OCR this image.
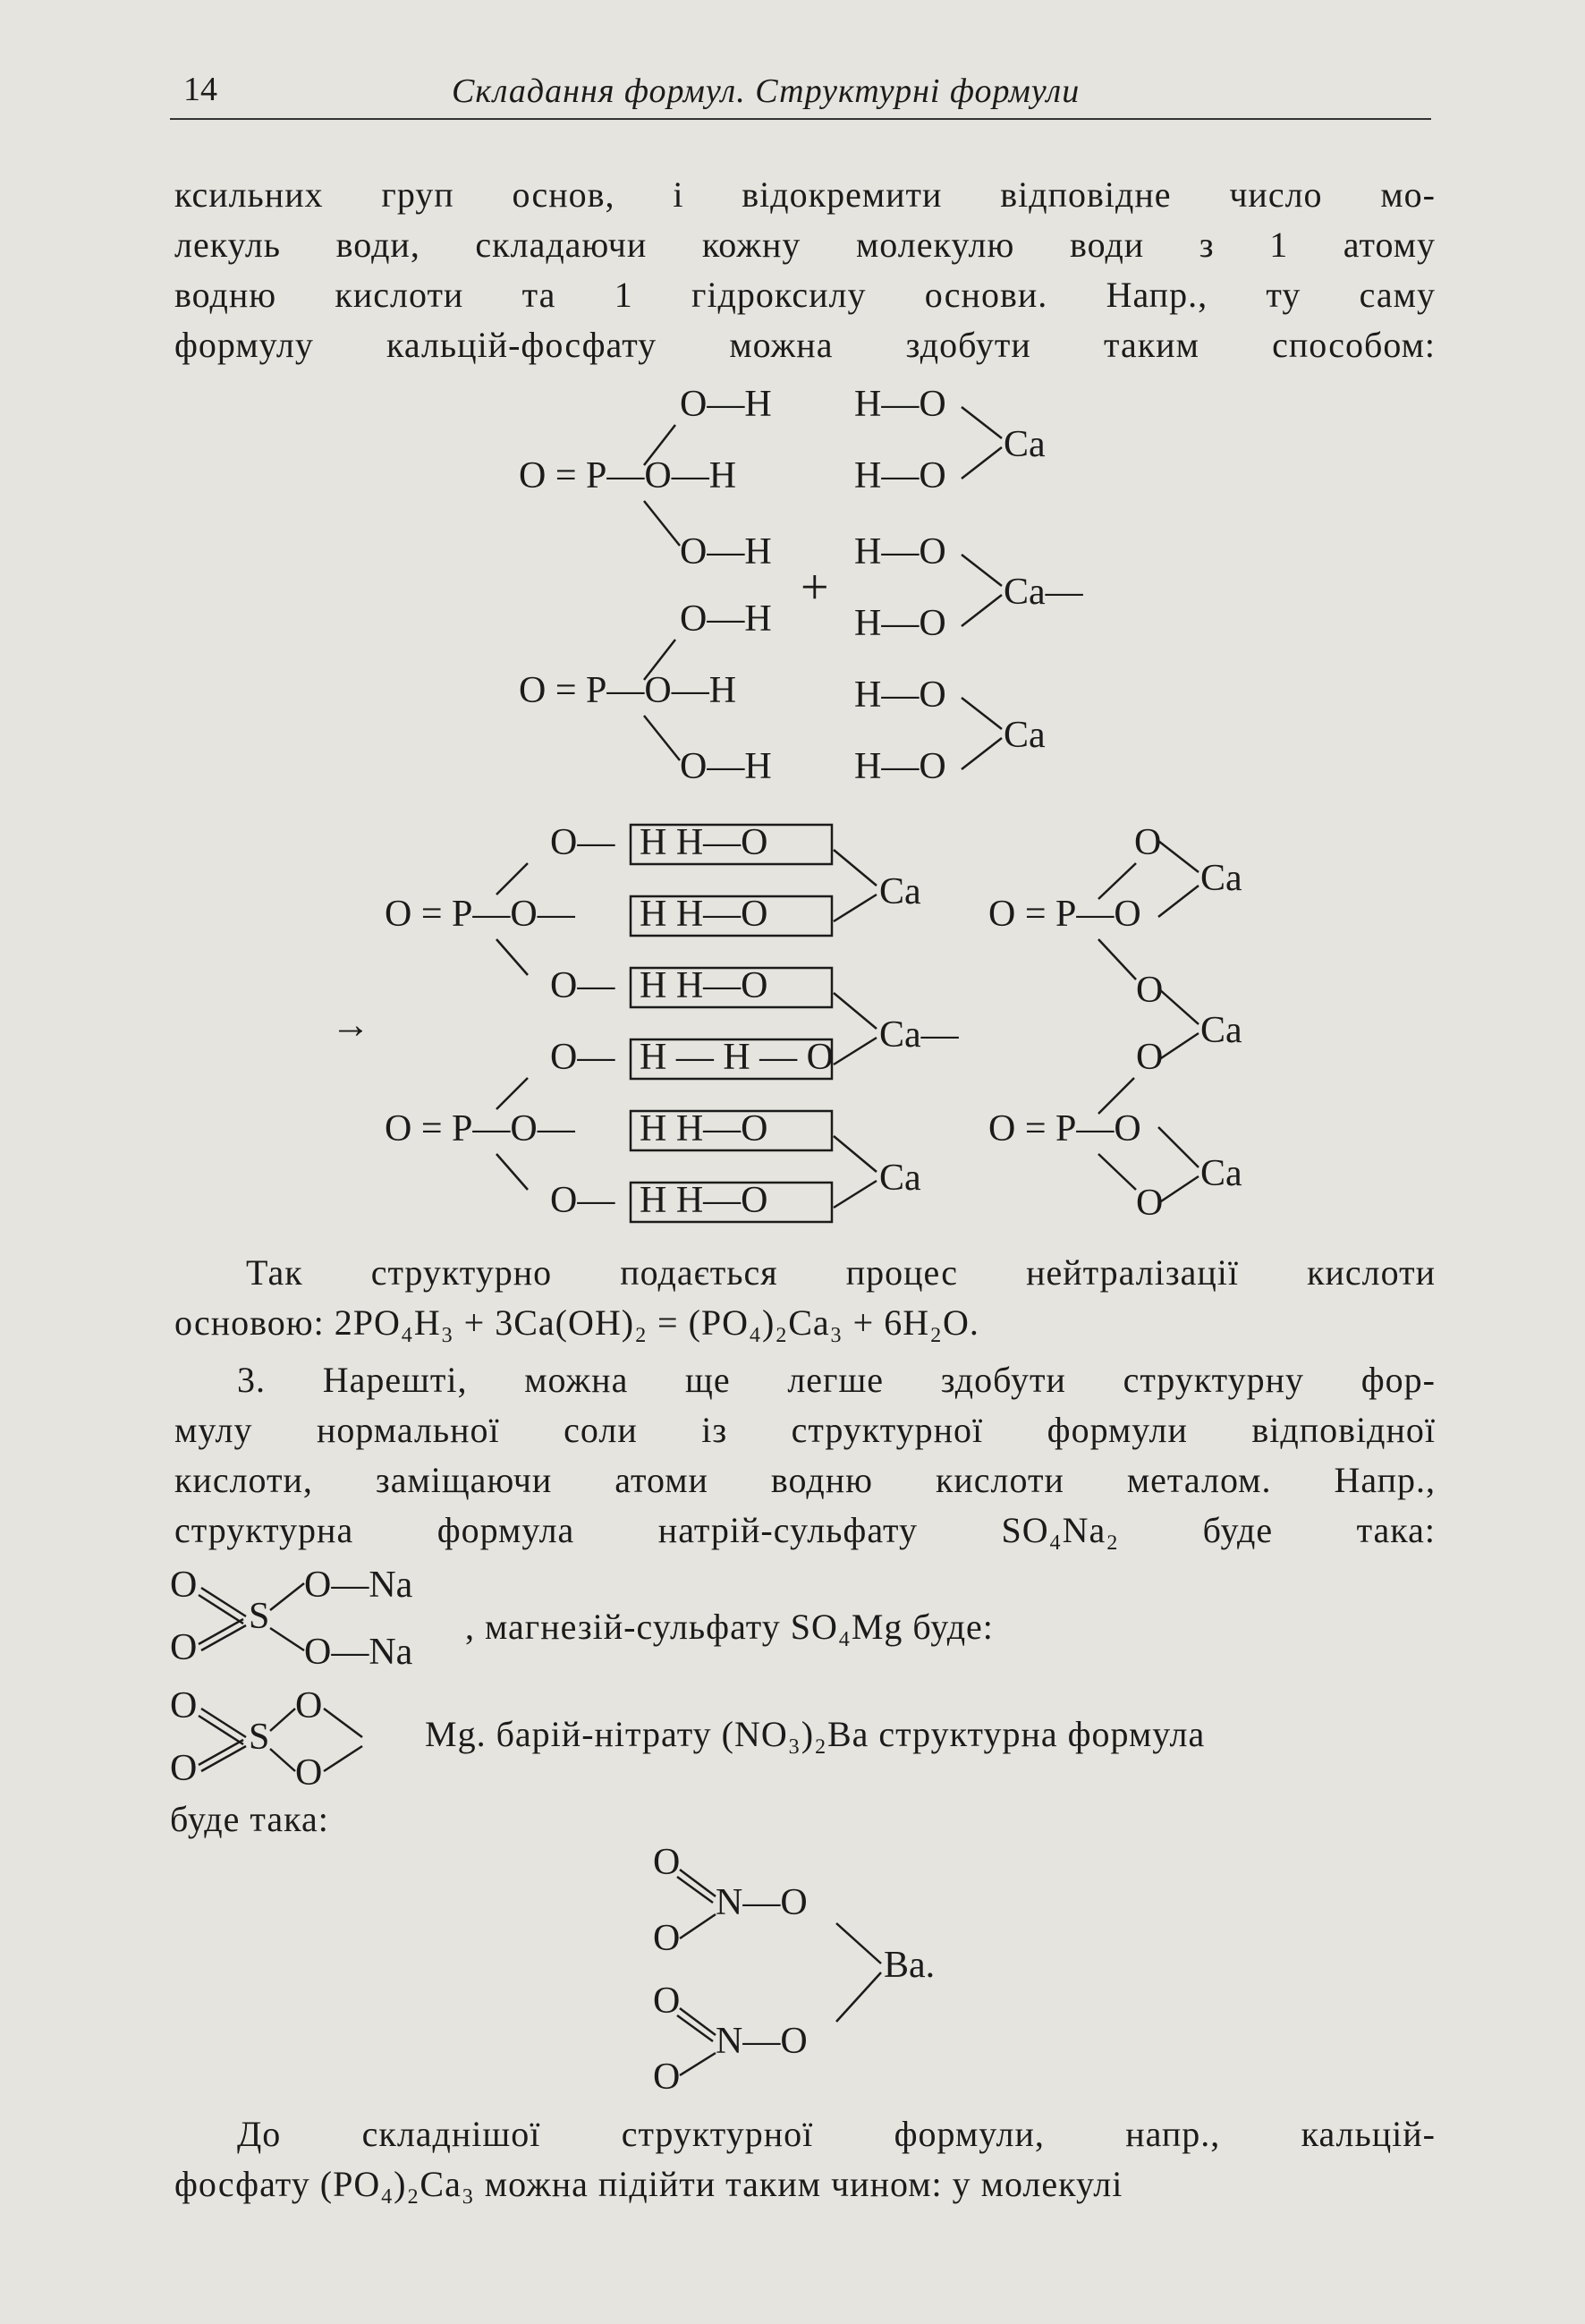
14	Складання формул. Структурні формули
ксильних груп основ, і відокремити відповідне число мо-
лекуль води, складаючи кожну молекулю води з 1 атому
водню кислоти та 1 гідроксилу основи. Напр., ту саму
формулу кальцій-фосфату можна здобути таким способом:
O—H
O = P—O—H
O—H
+
O—H
O = P—O—H
O—H
H—O
H—O
Ca
H—O
H—O
Ca—
H—O
H—O
Ca
→
O = P—O—
O—
O—
O = P—O—
O—
O—
H H—O
H H—O
H H—O
H — H — O
H H—O
H H—O
Ca
Ca—
Ca
O = P—O
O
Ca
O
Ca
O
O = P—O
O
Ca
Так структурно подається процес нейтралізації кислоти
основою: 2PO₄H₃ + 3Ca(OH)₂ = (PO₄)₂Ca₃ + 6H₂O.
3. Нарешті, можна ще легше здобути структурну фор-
мулу нормальної соли із структурної формули відповідної
кислоти, заміщаючи атоми водню кислоти металом. Напр.,
структурна формула натрій-сульфату SO₄Na₂ буде така:
O
O
S
O—Na
O—Na
, магнезій-сульфату SO₄Mg буде:
O
O
S
O
O
Mg. барій-нітрату (NO₃)₂Ba структурна формула
буде така:
O
N—O
O
Ba.
O
N—O
O
До складнішої структурної формули, напр., кальцій-
фосфату (PO₄)₂Ca₃ можна підійти таким чином: у молекулі
